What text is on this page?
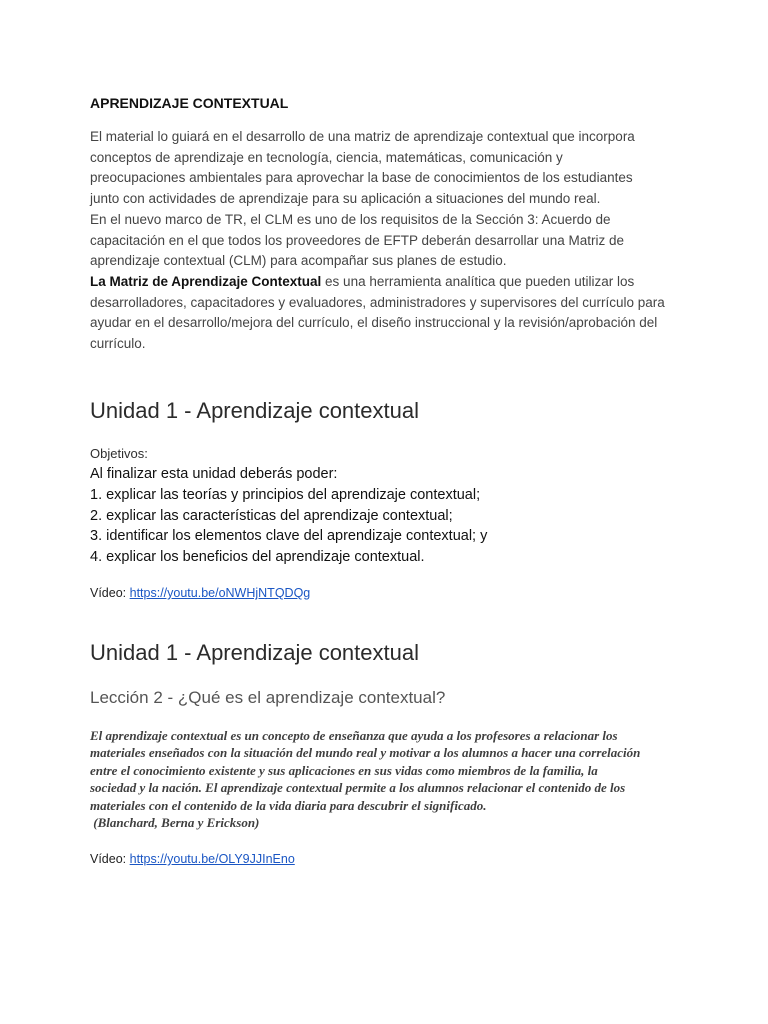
APRENDIZAJE CONTEXTUAL
El material lo guiará en el desarrollo de una matriz de aprendizaje contextual que incorpora
conceptos de aprendizaje en tecnología, ciencia, matemáticas, comunicación y
preocupaciones ambientales para aprovechar la base de conocimientos de los estudiantes
junto con actividades de aprendizaje para su aplicación a situaciones del mundo real.
En el nuevo marco de TR, el CLM es uno de los requisitos de la Sección 3: Acuerdo de
capacitación en el que todos los proveedores de EFTP deberán desarrollar una Matriz de
aprendizaje contextual (CLM) para acompañar sus planes de estudio.
La Matriz de Aprendizaje Contextual es una herramienta analítica que pueden utilizar los
desarrolladores, capacitadores y evaluadores, administradores y supervisores del currículo para
ayudar en el desarrollo/mejora del currículo, el diseño instruccional y la revisión/aprobación del
currículo.
Unidad 1 - Aprendizaje contextual
Objetivos:
Al finalizar esta unidad deberás poder:
1. explicar las teorías y principios del aprendizaje contextual;
2. explicar las características del aprendizaje contextual;
3. identificar los elementos clave del aprendizaje contextual; y
4. explicar los beneficios del aprendizaje contextual.
Vídeo: https://youtu.be/oNWHjNTQDQg
Unidad 1 - Aprendizaje contextual
Lección 2 - ¿Qué es el aprendizaje contextual?
El aprendizaje contextual es un concepto de enseñanza que ayuda a los profesores a relacionar los
materiales enseñados con la situación del mundo real y motivar a los alumnos a hacer una correlación
entre el conocimiento existente y sus aplicaciones en sus vidas como miembros de la familia, la
sociedad y la nación. El aprendizaje contextual permite a los alumnos relacionar el contenido de los
materiales con el contenido de la vida diaria para descubrir el significado.
(Blanchard, Berna y Erickson)
Vídeo: https://youtu.be/OLY9JJInEno
